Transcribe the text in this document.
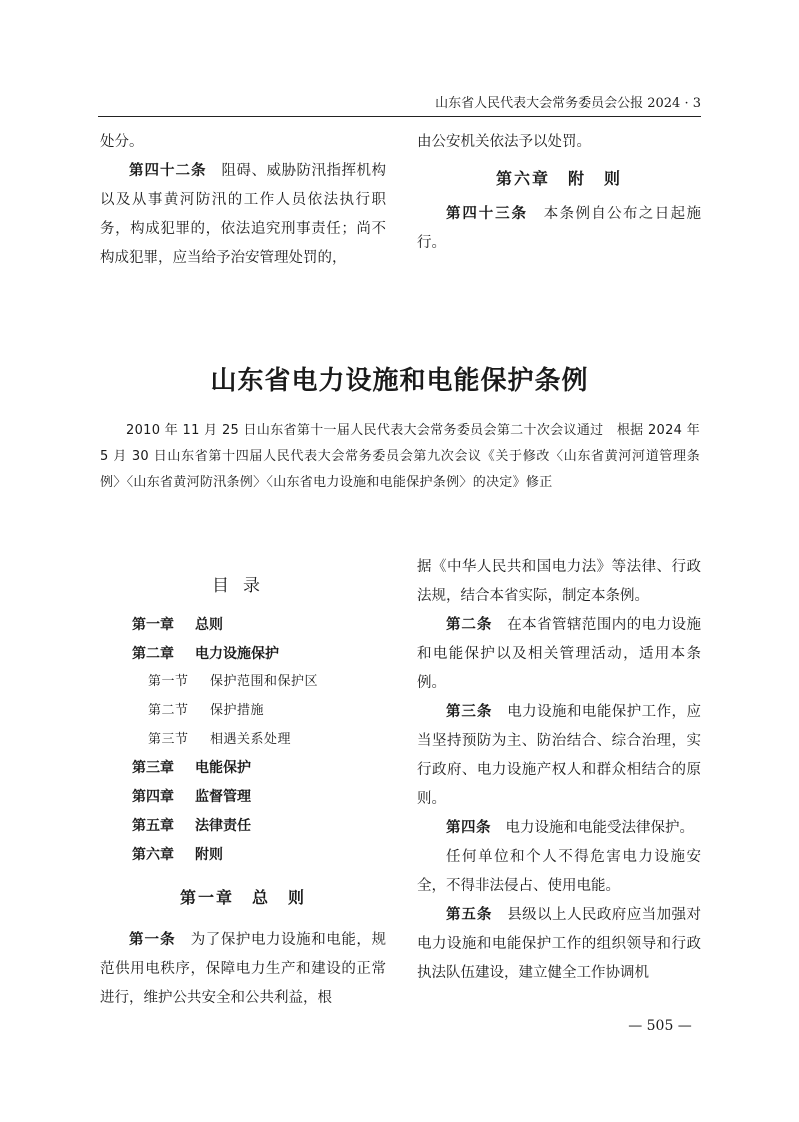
山东省人民代表大会常务委员会公报 2024 · 3

处分。

第四十二条　 阻碍、威胁防汛指挥机构以及从事黄河防汛的工作人员依法执行职务，构成犯罪的，依法追究刑事责任；尚不构成犯罪，应当给予治安管理处罚的，

由公安机关依法予以处罚。

第六章　附　则

第四十三条　 本条例自公布之日起施行。

山东省电力设施和电能保护条例

2010 年 11 月 25 日山东省第十一届人民代表大会常务委员会第二十次会议通过　根据 2024 年 5 月 30 日山东省第十四届人民代表大会常务委员会第九次会议《关于修改〈山东省黄河河道管理条例〉〈山东省黄河防汛条例〉〈山东省电力设施和电能保护条例〉的决定》修正

目录
第一章 总则
第二章 电力设施保护
第一节 保护范围和保护区
第二节 保护措施
第三节 相遇关系处理
第三章 电能保护
第四章 监督管理
第五章 法律责任
第六章 附则

第一章　总　则

第一条　 为了保护电力设施和电能，规范供用电秩序，保障电力生产和建设的正常进行，维护公共安全和公共利益，根

据《中华人民共和国电力法》等法律、行政法规，结合本省实际，制定本条例。

第二条　 在本省管辖范围内的电力设施和电能保护以及相关管理活动，适用本条例。

第三条　 电力设施和电能保护工作，应当坚持预防为主、防治结合、综合治理，实行政府、电力设施产权人和群众相结合的原则。

第四条　 电力设施和电能受法律保护。

任何单位和个人不得危害电力设施安全，不得非法侵占、使用电能。

第五条　 县级以上人民政府应当加强对电力设施和电能保护工作的组织领导和行政执法队伍建设，建立健全工作协调机

— 505 —
